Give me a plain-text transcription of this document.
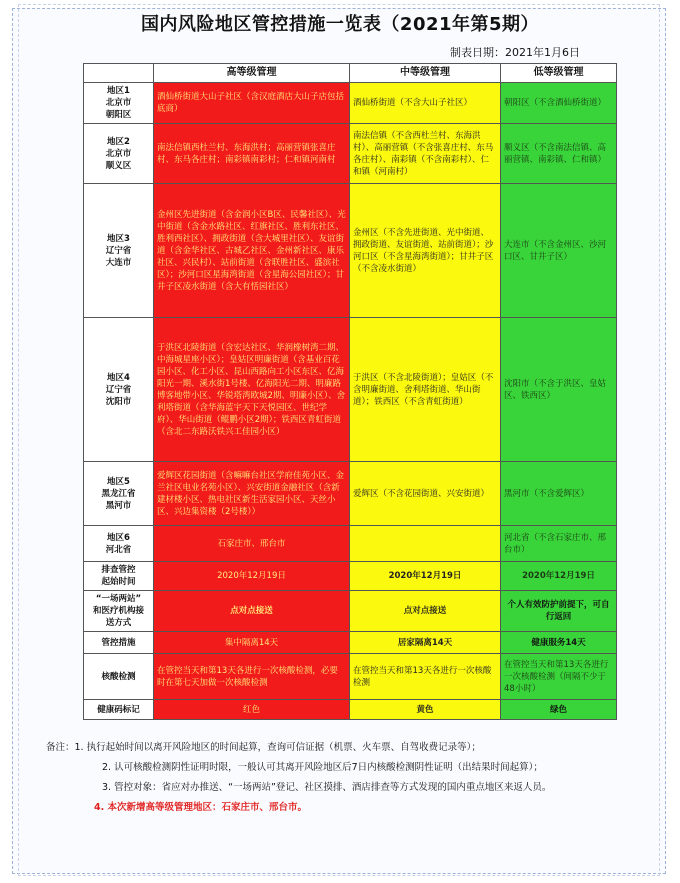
国内风险地区管控措施一览表（2021年第5期）
制表日期：2021年1月6日
	高等级管理	中等级管理	低等级管理
地区1
北京市
朝阳区	酒仙桥街道大山子社区（含汉庭酒店大山子店包括底商）	酒仙桥街道（不含大山子社区）	朝阳区（不含酒仙桥街道）
地区2
北京市
顺义区	南法信镇西杜兰村、东海洪村；高丽营镇张喜庄村、东马各庄村；南彩镇南彩村；仁和镇河南村	南法信镇（不含西杜兰村、东海洪村）、高丽营镇（不含张喜庄村、东马各庄村）、南彩镇（不含南彩村）、仁和镇（河南村）	顺义区（不含南法信镇、高丽营镇、南彩镇、仁和镇）
地区3
辽宁省
大连市	金州区先进街道（含金润小区B区、民馨社区）、光中街道（含金水路社区、红旗社区、胜利东社区、胜利西社区）、拥政街道（含大城里社区）、友谊街道（含金华社区、古城乙社区、金州新社区、康乐社区、兴民村）、站前街道（含联胜社区、盛滨社区）；沙河口区星海湾街道（含星海公园社区）；甘井子区凌水街道（含大有恬园社区）	金州区（不含先进街道、光中街道、拥政街道、友谊街道、站前街道）；沙河口区（不含星海湾街道）；甘井子区（不含凌水街道）	大连市（不含金州区、沙河口区、甘井子区）
地区4
辽宁省
沈阳市	于洪区北陵街道（含宏达社区、华润橡树湾二期、中海城星座小区）；皇姑区明廉街道（含基业百花园小区、化工小区、昆山西路向工小区东区、亿海阳光一期、溪水街1号楼、亿海阳光二期、明廉路博客地带小区、华锐塔湾欧城2期、明廉小区）、舍利塔街道（含华海蓝宇天下天悦园区、世纪学府）、华山街道（鲲鹏小区2期）；铁西区青虹街道（含北二东路沃铁兴工佳园小区）	于洪区（不含北陵街道）；皇姑区（不含明廉街道、舍利塔街道、华山街道）；铁西区（不含青虹街道）	沈阳市（不含于洪区、皇姑区、铁西区）
地区5
黑龙江省
黑河市	爱辉区花园街道（含嘛嘛台社区学府佳苑小区、金兰社区电业名苑小区）、兴安街道金融社区（含新建材楼小区、热电社区新生活家园小区、天丝小区、兴边集资楼（2号楼））	爱辉区（不含花园街道、兴安街道）	黑河市（不含爱辉区）
地区6
河北省	石家庄市、邢台市		河北省（不含石家庄市、邢台市）
排查管控
起始时间	2020年12月19日	2020年12月19日	2020年12月19日
“一场两站”
和医疗机构接
送方式	点对点接送	点对点接送	个人有效防护前提下，可自行返回
管控措施	集中隔离14天	居家隔离14天	健康服务14天
核酸检测	在管控当天和第13天各进行一次核酸检测，必要时在第七天加做一次核酸检测	在管控当天和第13天各进行一次核酸检测	在管控当天和第13天各进行一次核酸检测（间隔不少于48小时）
健康码标记	红色	黄色	绿色
备注：1. 执行起始时间以离开风险地区的时间起算，查询可信证据（机票、火车票、自驾收费记录等）；
2. 认可核酸检测阴性证明时限，一般认可其离开风险地区后7日内核酸检测阴性证明（出结果时间起算）；
3. 管控对象：省应对办推送、“一场两站”登记、社区摸排、酒店排查等方式发现的国内重点地区来返人员。
4. 本次新增高等级管理地区：石家庄市、邢台市。
